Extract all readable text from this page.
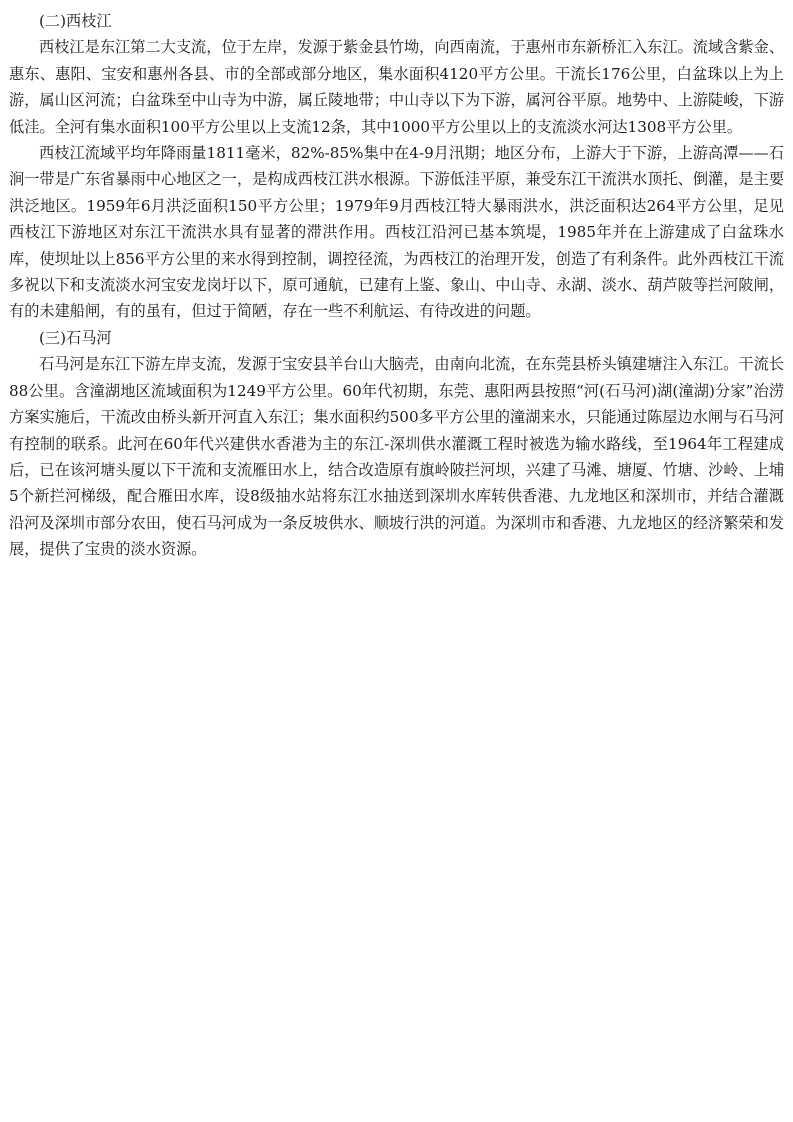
(二)西枝江

西枝江是东江第二大支流，位于左岸，发源于紫金县竹坳，向西南流，于惠州市东新桥汇入东江。流域含紫金、惠东、惠阳、宝安和惠州各县、市的全部或部分地区，集水面积4120平方公里。干流长176公里，白盆珠以上为上游，属山区河流；白盆珠至中山寺为中游，属丘陵地带；中山寺以下为下游，属河谷平原。地势中、上游陡峻，下游低洼。全河有集水面积100平方公里以上支流12条，其中1000平方公里以上的支流淡水河达1308平方公里。

西枝江流域平均年降雨量1811毫米，82%-85%集中在4-9月汛期；地区分布，上游大于下游，上游高潭——石涧一带是广东省暴雨中心地区之一，是构成西枝江洪水根源。下游低洼平原，兼受东江干流洪水顶托、倒灌，是主要洪泛地区。1959年6月洪泛面积150平方公里；1979年9月西枝江特大暴雨洪水，洪泛面积达264平方公里，足见西枝江下游地区对东江干流洪水具有显著的滞洪作用。西枝江沿河已基本筑堤，1985年并在上游建成了白盆珠水库，使坝址以上856平方公里的来水得到控制，调控径流，为西枝江的治理开发，创造了有利条件。此外西枝江干流多祝以下和支流淡水河宝安龙岗圩以下，原可通航，已建有上鉴、象山、中山寺、永湖、淡水、葫芦陂等拦河陂闸，有的未建船闸，有的虽有，但过于简陋，存在一些不利航运、有待改进的问题。

(三)石马河

石马河是东江下游左岸支流，发源于宝安县羊台山大脑壳，由南向北流，在东莞县桥头镇建塘注入东江。干流长88公里。含潼湖地区流域面积为1249平方公里。60年代初期，东莞、惠阳两县按照“河(石马河)湖(潼湖)分家”治涝方案实施后，干流改由桥头新开河直入东江；集水面积约500多平方公里的潼湖来水，只能通过陈屋边水闸与石马河有控制的联系。此河在60年代兴建供水香港为主的东江-深圳供水灌溉工程时被选为输水路线，至1964年工程建成后，已在该河塘头厦以下干流和支流雁田水上，结合改造原有旗岭陂拦河坝，兴建了马滩、塘厦、竹塘、沙岭、上埔5个新拦河梯级，配合雁田水库，设8级抽水站将东江水抽送到深圳水库转供香港、九龙地区和深圳市，并结合灌溉沿河及深圳市部分农田，使石马河成为一条反坡供水、顺坡行洪的河道。为深圳市和香港、九龙地区的经济繁荣和发展，提供了宝贵的淡水资源。
